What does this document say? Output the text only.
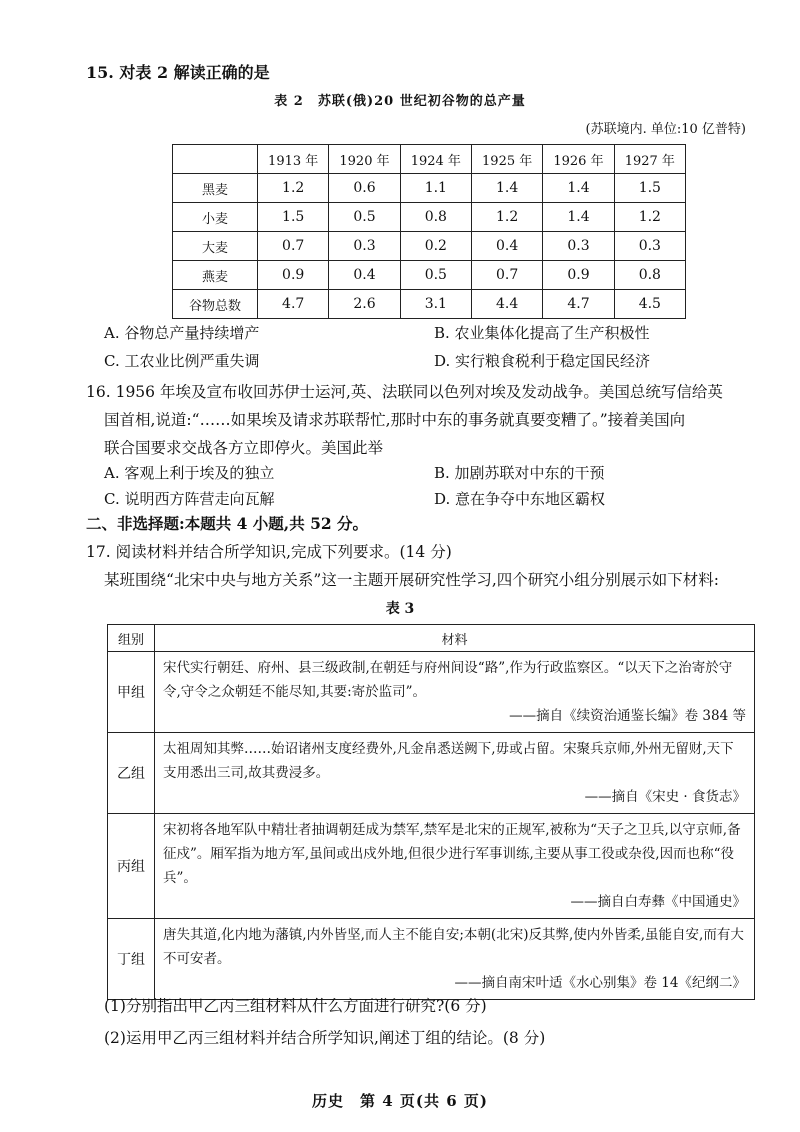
15. 对表 2 解读正确的是
表 2　苏联(俄)20 世纪初谷物的总产量
(苏联境内. 单位:10 亿普特)
	1913 年	1920 年	1924 年	1925 年	1926 年	1927 年
黑麦	1.2	0.6	1.1	1.4	1.4	1.5
小麦	1.5	0.5	0.8	1.2	1.4	1.2
大麦	0.7	0.3	0.2	0.4	0.3	0.3
燕麦	0.9	0.4	0.5	0.7	0.9	0.8
谷物总数	4.7	2.6	3.1	4.4	4.7	4.5
A. 谷物总产量持续增产	B. 农业集体化提高了生产积极性
C. 工农业比例严重失调	D. 实行粮食税利于稳定国民经济
16. 1956 年埃及宣布收回苏伊士运河,英、法联同以色列对埃及发动战争。美国总统写信给英
国首相,说道:“……如果埃及请求苏联帮忙,那时中东的事务就真要变糟了。”接着美国向
联合国要求交战各方立即停火。美国此举
A. 客观上利于埃及的独立	B. 加剧苏联对中东的干预
C. 说明西方阵营走向瓦解	D. 意在争夺中东地区霸权
二、非选择题:本题共 4 小题,共 52 分。
17. 阅读材料并结合所学知识,完成下列要求。(14 分)
某班围绕“北宋中央与地方关系”这一主题开展研究性学习,四个研究小组分别展示如下材料:
表 3
组别	材料
甲组	宋代实行朝廷、府州、县三级政制,在朝廷与府州间设“路”,作为行政监察区。“以天下之治寄於守令,守令之众朝廷不能尽知,其要:寄於监司”。
——摘自《续资治通鉴长编》卷 384 等

乙组	太祖周知其弊……始诏诸州支度经费外,凡金帛悉送阙下,毋或占留。宋聚兵京师,外州无留财,天下支用悉出三司,故其费浸多。
——摘自《宋史 · 食货志》

丙组	宋初将各地军队中精壮者抽调朝廷成为禁军,禁军是北宋的正规军,被称为“天子之卫兵,以守京师,备征戍”。厢军指为地方军,虽间或出戍外地,但很少进行军事训练,主要从事工役或杂役,因而也称“役兵”。
——摘自白寿彝《中国通史》

丁组	唐失其道,化内地为藩镇,内外皆坚,而人主不能自安;本朝(北宋)反其弊,使内外皆柔,虽能自安,而有大不可安者。
——摘自南宋叶适《水心别集》卷 14《纪纲二》
(1)分别指出甲乙丙三组材料从什么方面进行研究?(6 分)
(2)运用甲乙丙三组材料并结合所学知识,阐述丁组的结论。(8 分)
历史　第 4 页(共 6 页)
